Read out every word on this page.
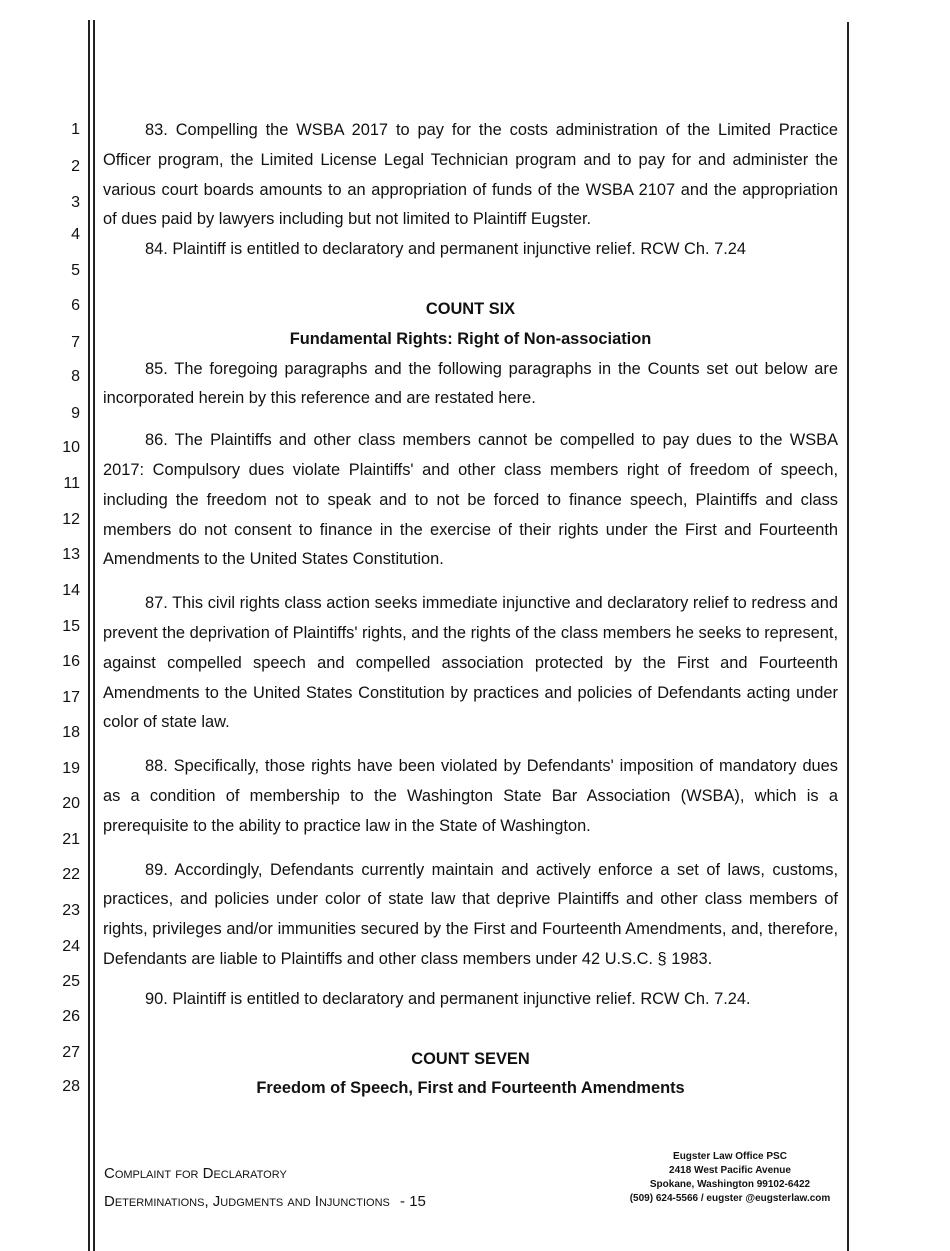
1
2
3
4
5
6
7
8
9
10
11
12
13
14
15
16
17
18
19
20
21
22
23
24
25
26
27
28

83. Compelling the WSBA 2017 to pay for the costs administration of the Limited Practice Officer program, the Limited License Legal Technician program and to pay for and administer the various court boards amounts to an appropriation of funds of the WSBA 2107 and the appropriation of dues paid by lawyers including but not limited to Plaintiff Eugster.

84. Plaintiff is entitled to declaratory and permanent injunctive relief. RCW Ch. 7.24

COUNT SIX

Fundamental Rights: Right of Non-association

85. The foregoing paragraphs and the following paragraphs in the Counts set out below are incorporated herein by this reference and are restated here.

86. The Plaintiffs and other class members cannot be compelled to pay dues to the WSBA 2017: Compulsory dues violate Plaintiffs' and other class members right of freedom of speech, including the freedom not to speak and to not be forced to finance speech, Plaintiffs and class members do not consent to finance in the exercise of their rights under the First and Fourteenth Amendments to the United States Constitution.

87. This civil rights class action seeks immediate injunctive and declaratory relief to redress and prevent the deprivation of Plaintiffs' rights, and the rights of the class members he seeks to represent, against compelled speech and compelled association protected by the First and Fourteenth Amendments to the United States Constitution by practices and policies of Defendants acting under color of state law.

88. Specifically, those rights have been violated by Defendants' imposition of mandatory dues as a condition of membership to the Washington State Bar Association (WSBA), which is a prerequisite to the ability to practice law in the State of Washington.

89. Accordingly, Defendants currently maintain and actively enforce a set of laws, customs, practices, and policies under color of state law that deprive Plaintiffs and other class members of rights, privileges and/or immunities secured by the First and Fourteenth Amendments, and, therefore, Defendants are liable to Plaintiffs and other class members under 42 U.S.C. § 1983.

90. Plaintiff is entitled to declaratory and permanent injunctive relief. RCW Ch. 7.24.

COUNT SEVEN

Freedom of Speech, First and Fourteenth Amendments

Complaint for Declaratory
Determinations, Judgments and Injunctions - 15
Eugster Law Office PSC
2418 West Pacific Avenue
Spokane, Washington 99102-6422
(509) 624-5566 / eugster @eugsterlaw.com
